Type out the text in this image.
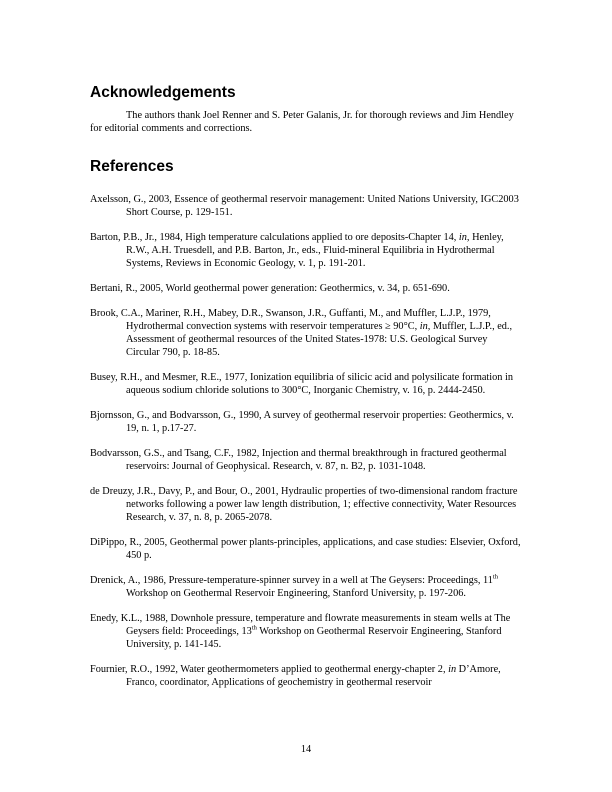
Acknowledgements

The authors thank Joel Renner and S. Peter Galanis, Jr. for thorough reviews and Jim Hendley for editorial comments and corrections.

References

Axelsson, G., 2003, Essence of geothermal reservoir management: United Nations University, IGC2003 Short Course, p. 129-151.

Barton, P.B., Jr., 1984, High temperature calculations applied to ore deposits-Chapter 14, in, Henley, R.W., A.H. Truesdell, and P.B. Barton, Jr., eds., Fluid-mineral Equilibria in Hydrothermal Systems, Reviews in Economic Geology, v. 1, p. 191-201.

Bertani, R., 2005, World geothermal power generation: Geothermics, v. 34, p. 651-690.

Brook, C.A., Mariner, R.H., Mabey, D.R., Swanson, J.R., Guffanti, M., and Muffler, L.J.P., 1979, Hydrothermal convection systems with reservoir temperatures ≥ 90°C, in, Muffler, L.J.P., ed., Assessment of geothermal resources of the United States-1978: U.S. Geological Survey Circular 790, p. 18-85.

Busey, R.H., and Mesmer, R.E., 1977, Ionization equilibria of silicic acid and polysilicate formation in aqueous sodium chloride solutions to 300°C, Inorganic Chemistry, v. 16, p. 2444-2450.

Bjornsson, G., and Bodvarsson, G., 1990, A survey of geothermal reservoir properties: Geothermics, v. 19, n. 1, p.17-27.

Bodvarsson, G.S., and Tsang, C.F., 1982, Injection and thermal breakthrough in fractured geothermal reservoirs: Journal of Geophysical. Research, v. 87, n. B2, p. 1031-1048.

de Dreuzy, J.R., Davy, P., and Bour, O., 2001, Hydraulic properties of two-dimensional random fracture networks following a power law length distribution, 1; effective connectivity, Water Resources Research, v. 37, n. 8, p. 2065-2078.

DiPippo, R., 2005, Geothermal power plants-principles, applications, and case studies: Elsevier, Oxford, 450 p.

Drenick, A., 1986, Pressure-temperature-spinner survey in a well at The Geysers: Proceedings, 11th Workshop on Geothermal Reservoir Engineering, Stanford University, p. 197-206.

Enedy, K.L., 1988, Downhole pressure, temperature and flowrate measurements in steam wells at The Geysers field: Proceedings, 13th Workshop on Geothermal Reservoir Engineering, Stanford University, p. 141-145.

Fournier, R.O., 1992, Water geothermometers applied to geothermal energy-chapter 2, in D’Amore, Franco, coordinator, Applications of geochemistry in geothermal reservoir

14
